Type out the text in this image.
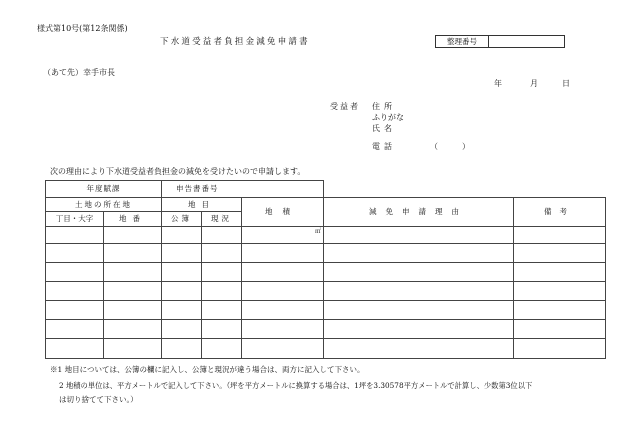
様式第10号(第12条関係)
下水道受益者負担金減免申請書	整理番号
（あて先）幸手市長
年	月	日
受益者 住所
ふりがな
氏名
電話	（　　　）
次の理由により下水道受益者負担金の減免を受けたいので申請します。
年度賦課		申告書番号				
土地の所在地		地目		地積	減免申請理由	備考
丁目・大字	地番	公簿	現況			
				㎡		

※1 地目については、公簿の欄に記入し、公簿と現況が違う場合は、両方に記入して下さい。
2 地積の単位は、平方メートルで記入して下さい。（坪を平方メートルに換算する場合は、1坪を3.30578平方メートルで計算し、少数第3位以下
は切り捨てて下さい。）
